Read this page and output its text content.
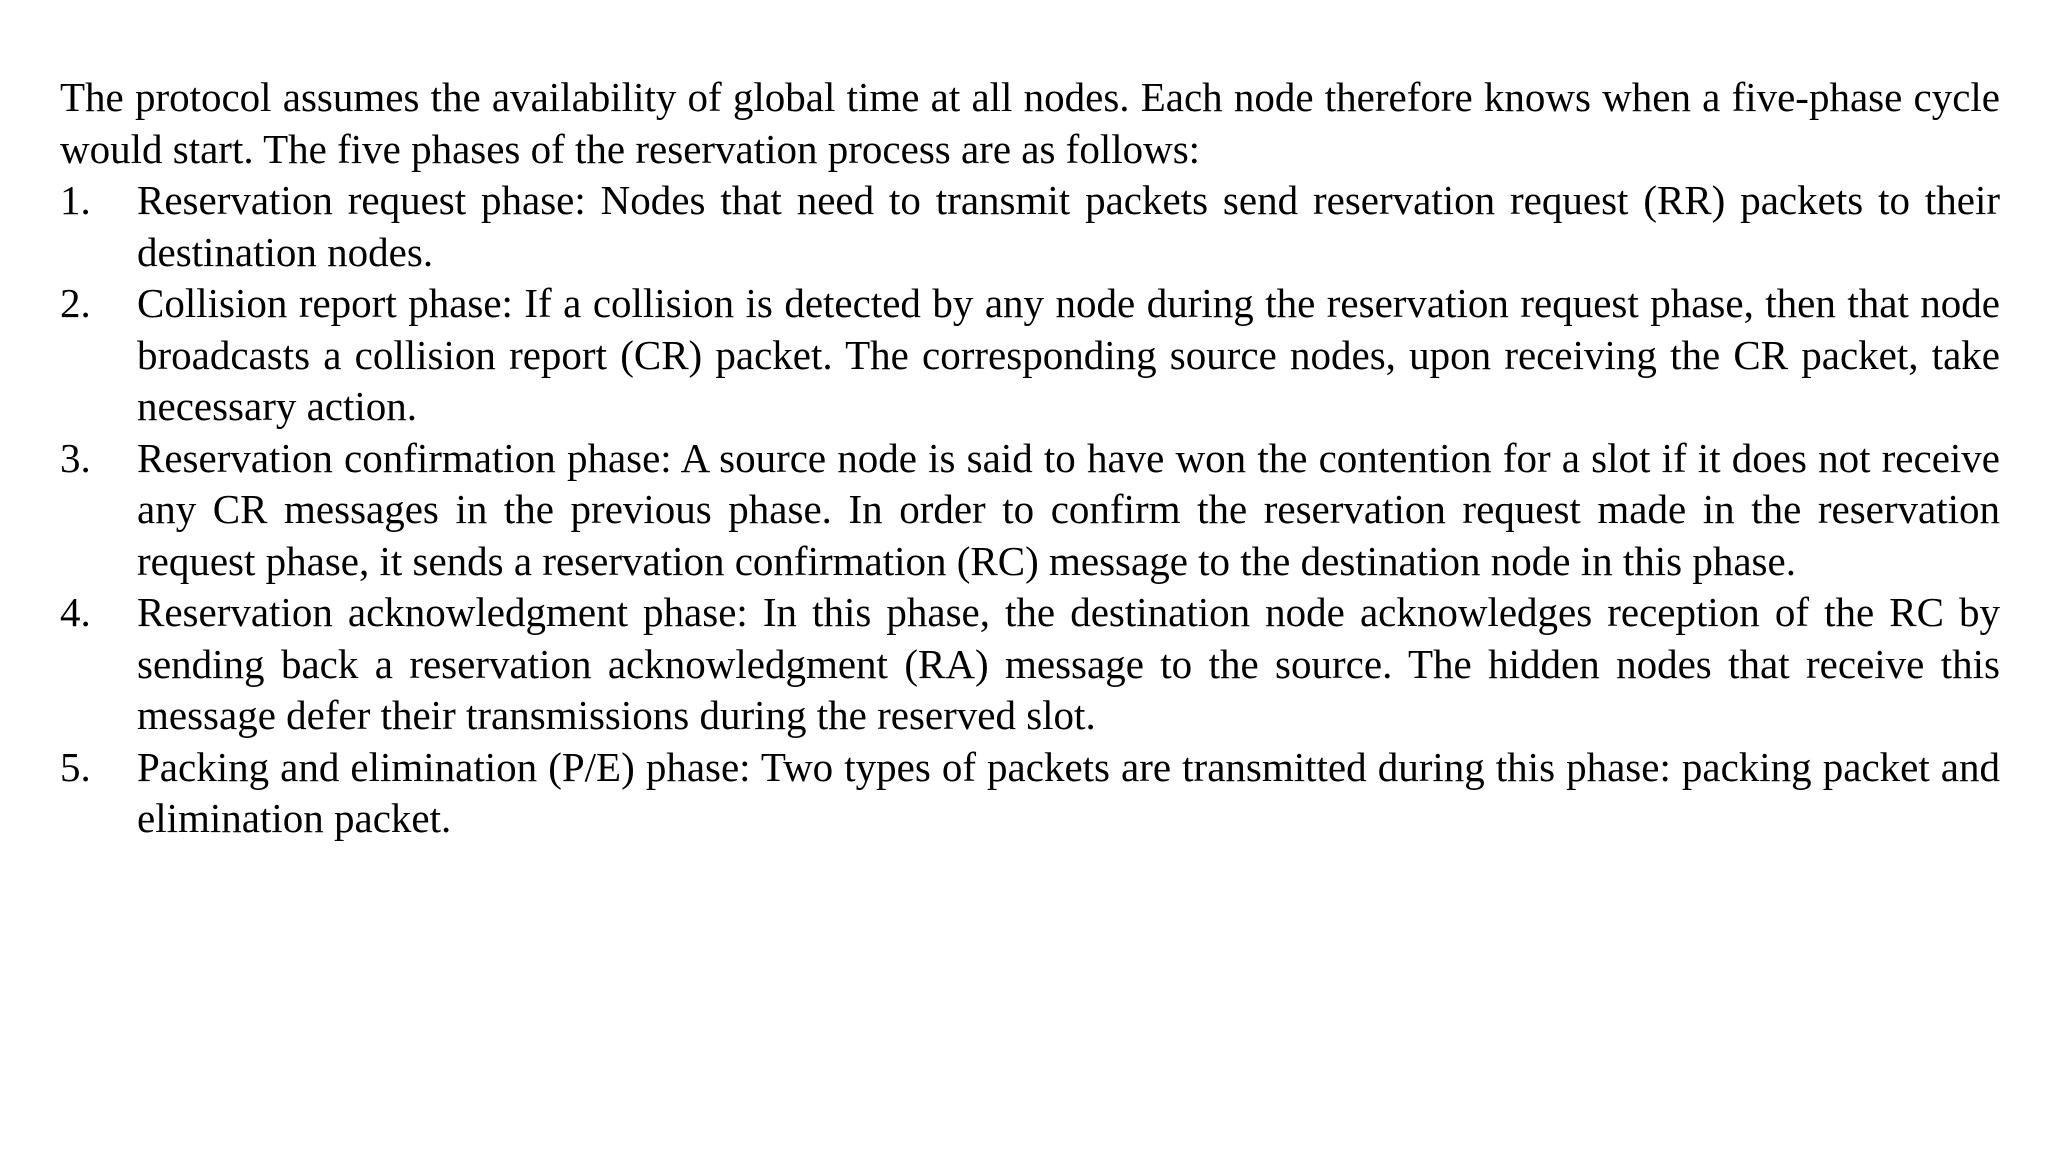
The protocol assumes the availability of global time at all nodes. Each node therefore knows when a five-phase cycle would start. The five phases of the reservation process are as follows:

1. Reservation request phase: Nodes that need to transmit packets send reservation request (RR) packets to their destination nodes.
2. Collision report phase: If a collision is detected by any node during the reservation request phase, then that node broadcasts a collision report (CR) packet. The corresponding source nodes, upon receiving the CR packet, take necessary action.
3. Reservation confirmation phase: A source node is said to have won the contention for a slot if it does not receive any CR messages in the previous phase. In order to confirm the reservation request made in the reservation request phase, it sends a reservation confirmation (RC) message to the destination node in this phase.
4. Reservation acknowledgment phase: In this phase, the destination node acknowledges reception of the RC by sending back a reservation acknowledgment (RA) message to the source. The hidden nodes that receive this message defer their transmissions during the reserved slot.
5. Packing and elimination (P/E) phase: Two types of packets are transmitted during this phase: packing packet and elimination packet.
